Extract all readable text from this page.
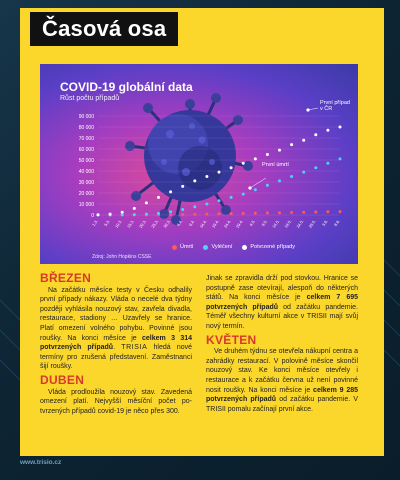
Časová osa
90 000
80 000
70 000
60 000
50 000
40 000
30 000
20 000
10 000
0
1.3. 5.3. 10.3. 15.3. 20.3. 25.3. 30.3. 4.4. 9.4. 14.4. 19.4. 24.4. 29.4. 4.5. 9.5. 14.5. 19.5. 24.5. 29.5. 3.6. 8.6.
COVID-19 globální data
Růst počtu případů
První případ v ČR
První úmrtí
Úmrtí	Vyléčení	Potvrzené případy
Zdroj: John Hopkins CSSE
BŘEZEN

Na začátku měsíce testy v Česku odhalily první případy nákazy. Vláda o necelé dva týdny později vyhlásila nouzový stav, zavřela divadla, restaurace, stadiony … Uzavřely se hranice. Platí omezení volného pohybu. Povinné jsou roušky. Na konci měsíce je celkem 3 314 potvrzených případů. TRISIA hledá nové termíny pro zrušená představení. Zaměstnanci šijí roušky.

DUBEN

Vláda prodloužila nouzový stav. Zavedená omezení platí. Nejvyšší měsíční počet potvrzených případů covid-19 je něco přes 300.

Jinak se zpravidla drží pod stovkou. Hranice se postupně zase otevírají, alespoň do některých států. Na konci měsíce je celkem 7 695 potvrzených případů od začátku pandemie. Téměř všechny kulturní akce v TRISII mají svůj nový termín.

KVĚTEN

Ve druhém týdnu se otevřela nákupní centra a zahrádky restaurací. V polovině měsíce skončil nouzový stav. Ke konci měsíce otevřely i restaurace a k začátku června už není povinné nosit roušky. Na konci měsíce je celkem 9 285 potvrzených případů od začátku pandemie. V TRISII pomalu začínají první akce.

www.trisio.cz
